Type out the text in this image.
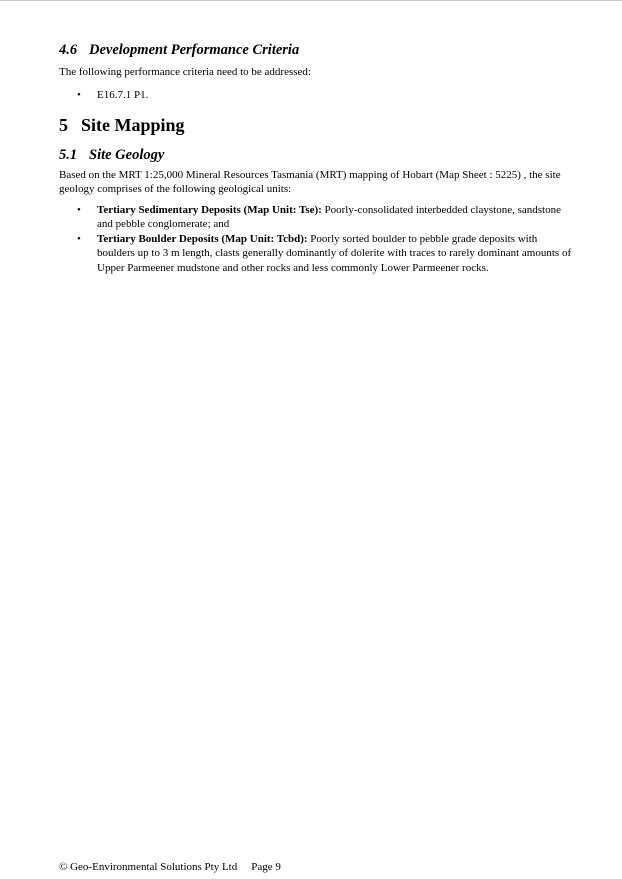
4.6 Development Performance Criteria

The following performance criteria need to be addressed:

• E16.7.1 P1.
5 Site Mapping
5.1 Site Geology

Based on the MRT 1:25,000 Mineral Resources Tasmania (MRT) mapping of Hobart (Map Sheet : 5225) , the site geology comprises of the following geological units:

• Tertiary Sedimentary Deposits (Map Unit: Tse): Poorly-consolidated interbedded claystone, sandstone and pebble conglomerate; and
• Tertiary Boulder Deposits (Map Unit: Tcbd): Poorly sorted boulder to pebble grade deposits with boulders up to 3 m length, clasts generally dominantly of dolerite with traces to rarely dominant amounts of Upper Parmeener mudstone and other rocks and less commonly Lower Parmeener rocks.
© Geo-Environmental Solutions Pty Ltd Page 9
